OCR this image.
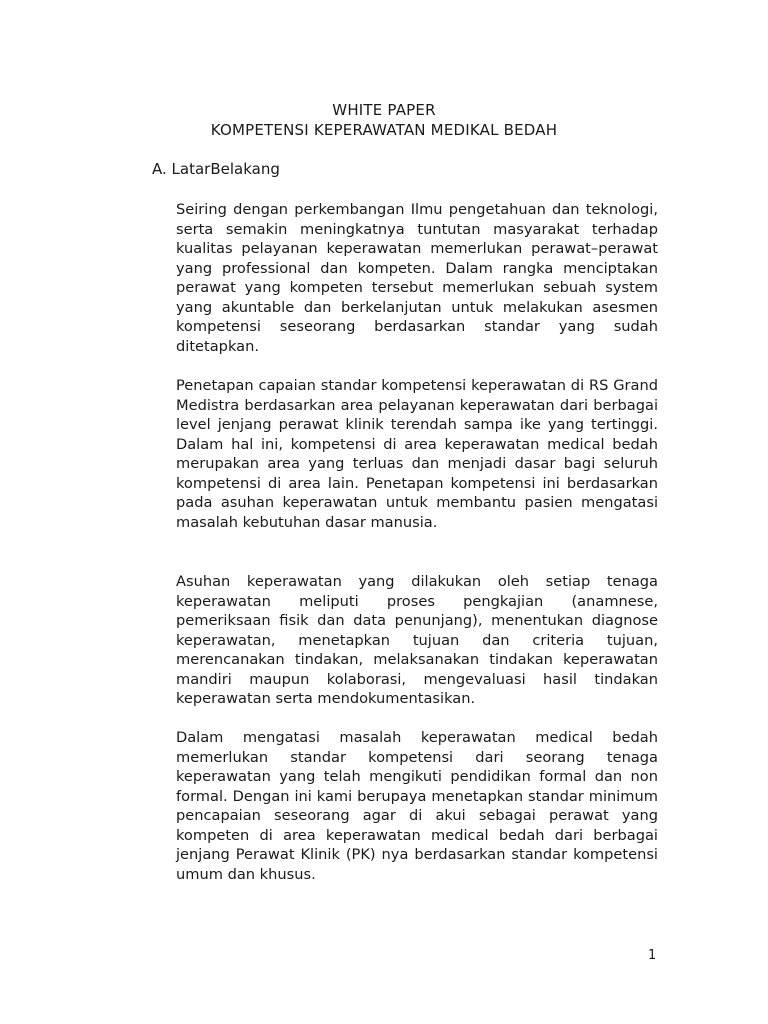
WHITE PAPER
KOMPETENSI KEPERAWATAN MEDIKAL BEDAH
A. LatarBelakang

Seiring dengan perkembangan Ilmu pengetahuan dan teknologi, serta semakin meningkatnya tuntutan masyarakat terhadap kualitas pelayanan keperawatan memerlukan perawat–perawat yang professional dan kompeten. Dalam rangka menciptakan perawat yang kompeten tersebut memerlukan sebuah system yang akuntable dan berkelanjutan untuk melakukan asesmen kompetensi seseorang berdasarkan standar yang sudah ditetapkan.

Penetapan capaian standar kompetensi keperawatan di RS Grand Medistra berdasarkan area pelayanan keperawatan dari berbagai level jenjang perawat klinik terendah sampa ike yang tertinggi. Dalam hal ini, kompetensi di area keperawatan medical bedah merupakan area yang terluas dan menjadi dasar bagi seluruh kompetensi di area lain. Penetapan kompetensi ini berdasarkan pada asuhan keperawatan untuk membantu pasien mengatasi masalah kebutuhan dasar manusia.

Asuhan keperawatan yang dilakukan oleh setiap tenaga keperawatan meliputi proses pengkajian (anamnese, pemeriksaan fisik dan data penunjang), menentukan diagnose keperawatan, menetapkan tujuan dan criteria tujuan, merencanakan tindakan, melaksanakan tindakan keperawatan mandiri maupun kolaborasi, mengevaluasi hasil tindakan keperawatan serta mendokumentasikan.

Dalam mengatasi masalah keperawatan medical bedah memerlukan standar kompetensi dari seorang tenaga keperawatan yang telah mengikuti pendidikan formal dan non formal. Dengan ini kami berupaya menetapkan standar minimum pencapaian seseorang agar di akui sebagai perawat yang kompeten di area keperawatan medical bedah dari berbagai jenjang Perawat Klinik (PK) nya berdasarkan standar kompetensi umum dan khusus.

1
